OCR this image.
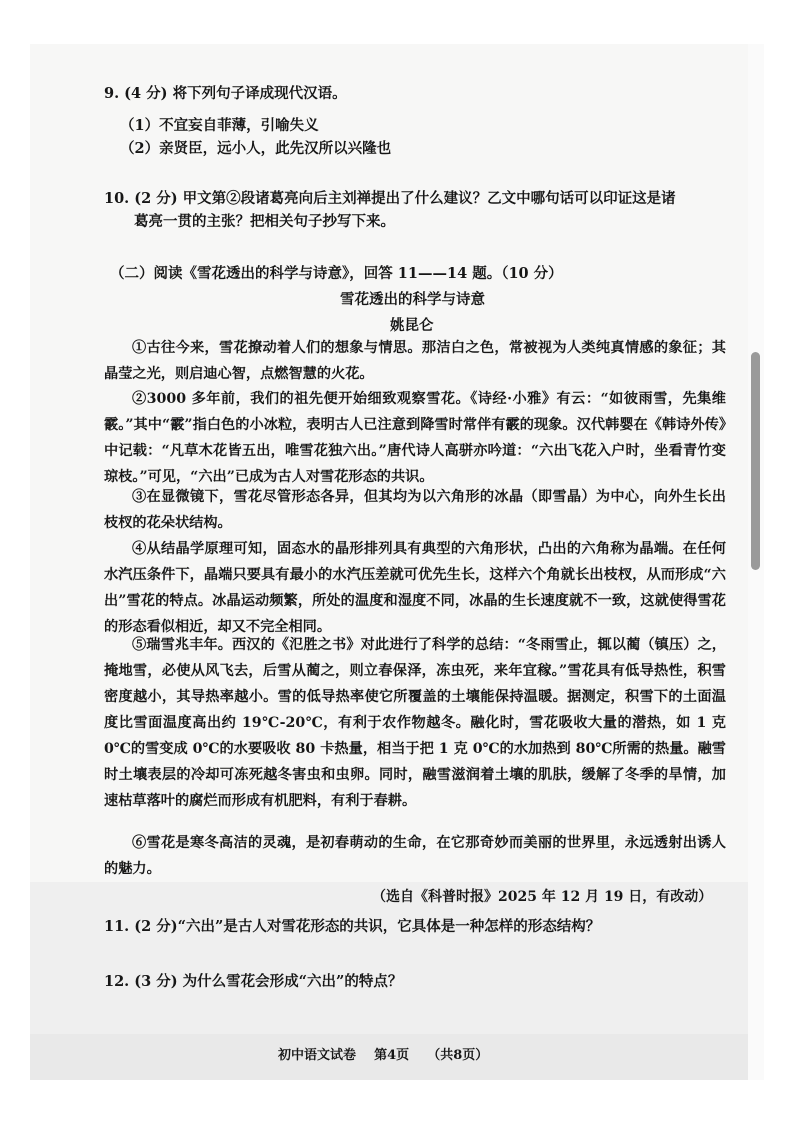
9. (4 分) 将下列句子译成现代汉语。
（1）不宜妄自菲薄，引喻失义
（2）亲贤臣，远小人，此先汉所以兴隆也
10. (2 分) 甲文第②段诸葛亮向后主刘禅提出了什么建议？乙文中哪句话可以印证这是诸
葛亮一贯的主张？把相关句子抄写下来。
（二）阅读《雪花透出的科学与诗意》，回答 11——14 题。（10 分）
雪花透出的科学与诗意
姚昆仑

①古往今来，雪花撩动着人们的想象与情思。那洁白之色，常被视为人类纯真情感的象征；其晶莹之光，则启迪心智，点燃智慧的火花。

②3000 多年前，我们的祖先便开始细致观察雪花。《诗经·小雅》有云：“如彼雨雪，先集维霰。”其中“霰”指白色的小冰粒，表明古人已注意到降雪时常伴有霰的现象。汉代韩婴在《韩诗外传》中记载：“凡草木花皆五出，唯雪花独六出。”唐代诗人高骈亦吟道：“六出飞花入户时，坐看青竹变琼枝。”可见，“六出”已成为古人对雪花形态的共识。

③在显微镜下，雪花尽管形态各异，但其均为以六角形的冰晶（即雪晶）为中心，向外生长出枝杈的花朵状结构。

④从结晶学原理可知，固态水的晶形排列具有典型的六角形状，凸出的六角称为晶端。在任何水汽压条件下，晶端只要具有最小的水汽压差就可优先生长，这样六个角就长出枝杈，从而形成“六出”雪花的特点。冰晶运动频繁，所处的温度和湿度不同，冰晶的生长速度就不一致，这就使得雪花的形态看似相近，却又不完全相同。

⑤瑞雪兆丰年。西汉的《氾胜之书》对此进行了科学的总结：“冬雨雪止，辄以蔺（镇压）之，掩地雪，必使从风飞去，后雪从蔺之，则立春保泽，冻虫死，来年宜稼。”雪花具有低导热性，积雪密度越小，其导热率越小。雪的低导热率使它所覆盖的土壤能保持温暖。据测定，积雪下的土面温度比雪面温度高出约 19℃-20℃，有利于农作物越冬。融化时，雪花吸收大量的潜热，如 1 克 0℃的雪变成 0℃的水要吸收 80 卡热量，相当于把 1 克 0℃的水加热到 80℃所需的热量。融雪时土壤表层的冷却可冻死越冬害虫和虫卵。同时，融雪滋润着土壤的肌肤，缓解了冬季的旱情，加速枯草落叶的腐烂而形成有机肥料，有利于春耕。

⑥雪花是寒冬高洁的灵魂，是初春萌动的生命，在它那奇妙而美丽的世界里，永远透射出诱人的魅力。

（选自《科普时报》2025 年 12 月 19 日，有改动）
11. (2 分)“六出”是古人对雪花形态的共识，它具体是一种怎样的形态结构？
12. (3 分) 为什么雪花会形成“六出”的特点？
初中语文试卷    第4页    （共8页）
